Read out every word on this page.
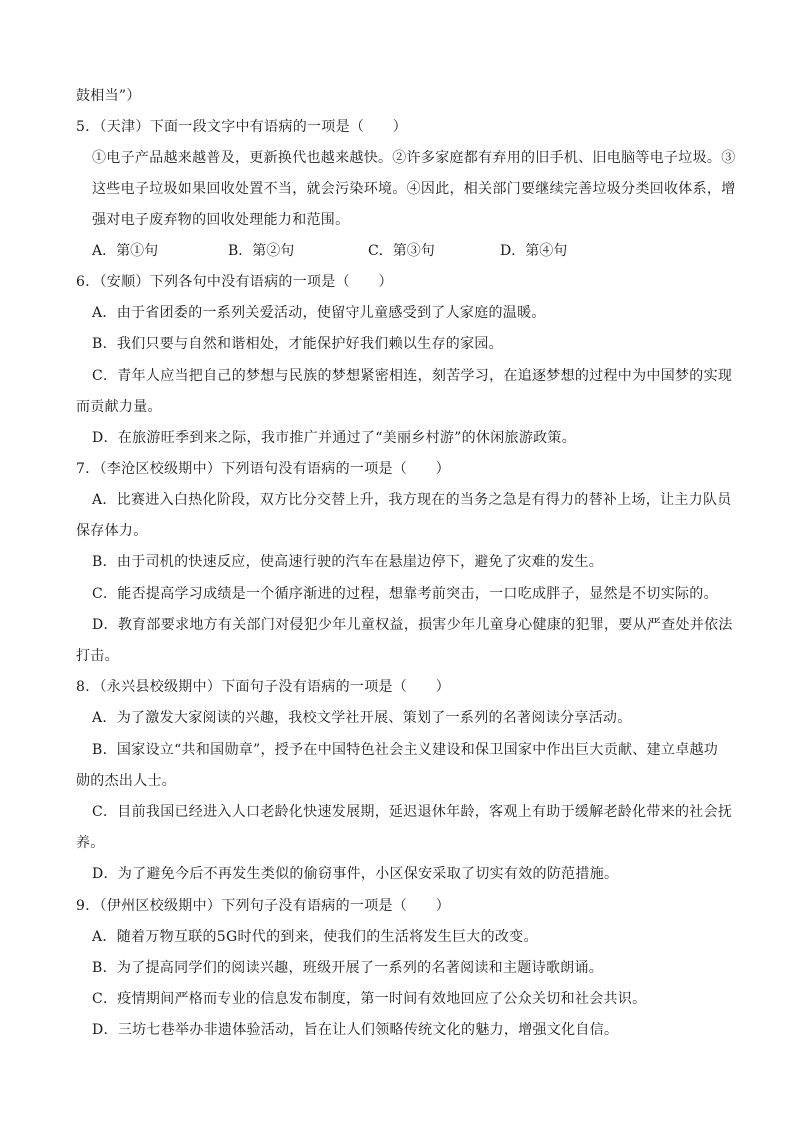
鼓相当”）
5．（天津）下面一段文字中有语病的一项是（　　）
①电子产品越来越普及，更新换代也越来越快。②许多家庭都有弃用的旧手机、旧电脑等电子垃圾。③
这些电子垃圾如果回收处置不当，就会污染环境。④因此，相关部门要继续完善垃圾分类回收体系，增
强对电子废弃物的回收处理能力和范围。
A．第①句	B．第②句	C．第③句	D．第④句
6．（安顺）下列各句中没有语病的一项是（　　）
A．由于省团委的一系列关爱活动，使留守儿童感受到了人家庭的温暖。
B．我们只要与自然和谐相处，才能保护好我们赖以生存的家园。
C．青年人应当把自己的梦想与民族的梦想紧密相连，刻苦学习，在追逐梦想的过程中为中国梦的实现
而贡献力量。
D．在旅游旺季到来之际，我市推广并通过了“美丽乡村游”的休闲旅游政策。
7．（李沧区校级期中）下列语句没有语病的一项是（　　）
A．比赛进入白热化阶段，双方比分交替上升，我方现在的当务之急是有得力的替补上场，让主力队员
保存体力。
B．由于司机的快速反应，使高速行驶的汽车在悬崖边停下，避免了灾难的发生。
C．能否提高学习成绩是一个循序渐进的过程，想靠考前突击，一口吃成胖子，显然是不切实际的。
D．教育部要求地方有关部门对侵犯少年儿童权益，损害少年儿童身心健康的犯罪，要从严查处并依法
打击。
8．（永兴县校级期中）下面句子没有语病的一项是（　　）
A．为了激发大家阅读的兴趣，我校文学社开展、策划了一系列的名著阅读分享活动。
B．国家设立“共和国勋章”，授予在中国特色社会主义建设和保卫国家中作出巨大贡献、建立卓越功
勋的杰出人士。
C．目前我国已经进入人口老龄化快速发展期，延迟退休年龄，客观上有助于缓解老龄化带来的社会抚
养。
D．为了避免今后不再发生类似的偷窃事件，小区保安采取了切实有效的防范措施。
9．（伊州区校级期中）下列句子没有语病的一项是（　　）
A．随着万物互联的5G时代的到来，使我们的生活将发生巨大的改变。
B．为了提高同学们的阅读兴趣，班级开展了一系列的名著阅读和主题诗歌朗诵。
C．疫情期间严格而专业的信息发布制度，第一时间有效地回应了公众关切和社会共识。
D．三坊七巷举办非遗体验活动，旨在让人们领略传统文化的魅力，增强文化自信。
